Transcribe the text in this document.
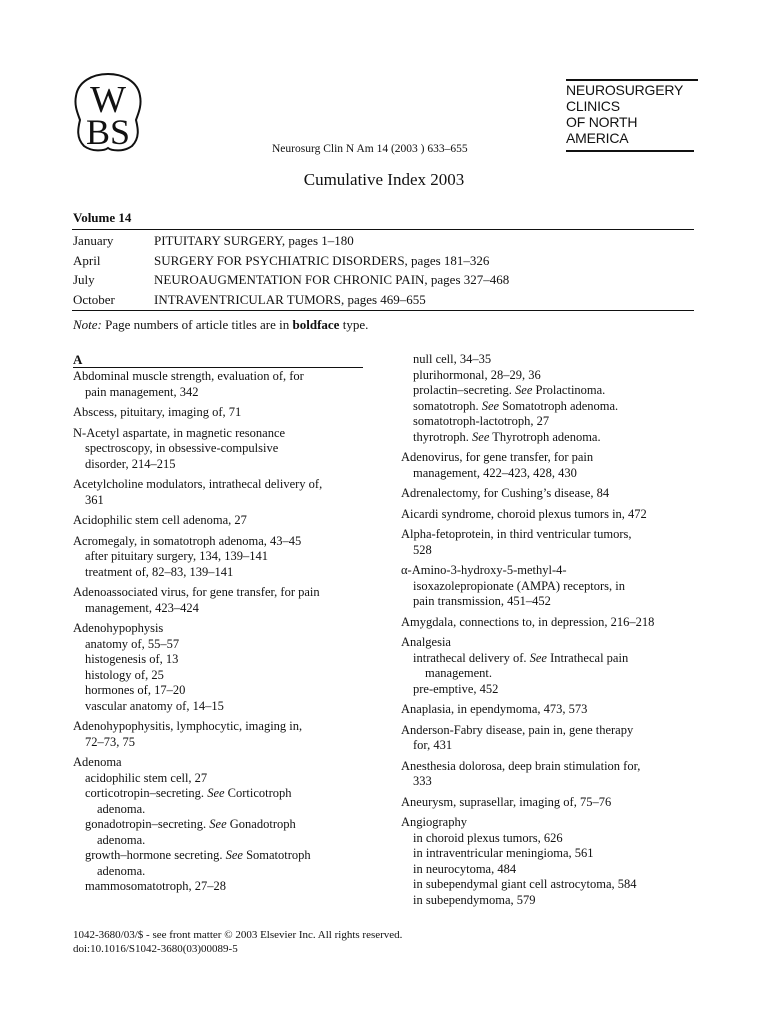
W
BS
NEUROSURGERY
CLINICS
OF NORTH
AMERICA
Neurosurg Clin N Am 14 (2003 ) 633–655
Cumulative Index 2003
Volume 14
January	PITUITARY SURGERY, pages 1–180
April	SURGERY FOR PSYCHIATRIC DISORDERS, pages 181–326
July	NEUROAUGMENTATION FOR CHRONIC PAIN, pages 327–468
October	INTRAVENTRICULAR TUMORS, pages 469–655
Note: Page numbers of article titles are in boldface type.
A
Abdominal muscle strength, evaluation of, for
pain management, 342
Abscess, pituitary, imaging of, 71
N-Acetyl aspartate, in magnetic resonance
spectroscopy, in obsessive-compulsive
disorder, 214–215
Acetylcholine modulators, intrathecal delivery of,
361
Acidophilic stem cell adenoma, 27
Acromegaly, in somatotroph adenoma, 43–45
after pituitary surgery, 134, 139–141
treatment of, 82–83, 139–141
Adenoassociated virus, for gene transfer, for pain
management, 423–424
Adenohypophysis
anatomy of, 55–57
histogenesis of, 13
histology of, 25
hormones of, 17–20
vascular anatomy of, 14–15
Adenohypophysitis, lymphocytic, imaging in,
72–73, 75
Adenoma
acidophilic stem cell, 27
corticotropin–secreting. See Corticotroph
adenoma.
gonadotropin–secreting. See Gonadotroph
adenoma.
growth–hormone secreting. See Somatotroph
adenoma.
mammosomatotroph, 27–28
null cell, 34–35
plurihormonal, 28–29, 36
prolactin–secreting. See Prolactinoma.
somatotroph. See Somatotroph adenoma.
somatotroph-lactotroph, 27
thyrotroph. See Thyrotroph adenoma.
Adenovirus, for gene transfer, for pain
management, 422–423, 428, 430
Adrenalectomy, for Cushing’s disease, 84
Aicardi syndrome, choroid plexus tumors in, 472
Alpha-fetoprotein, in third ventricular tumors,
528
α-Amino-3-hydroxy-5-methyl-4-
isoxazolepropionate (AMPA) receptors, in
pain transmission, 451–452
Amygdala, connections to, in depression, 216–218
Analgesia
intrathecal delivery of. See Intrathecal pain
management.
pre-emptive, 452
Anaplasia, in ependymoma, 473, 573
Anderson-Fabry disease, pain in, gene therapy
for, 431
Anesthesia dolorosa, deep brain stimulation for,
333
Aneurysm, suprasellar, imaging of, 75–76
Angiography
in choroid plexus tumors, 626
in intraventricular meningioma, 561
in neurocytoma, 484
in subependymal giant cell astrocytoma, 584
in subependymoma, 579
1042-3680/03/$ - see front matter © 2003 Elsevier Inc. All rights reserved.
doi:10.1016/S1042-3680(03)00089-5
